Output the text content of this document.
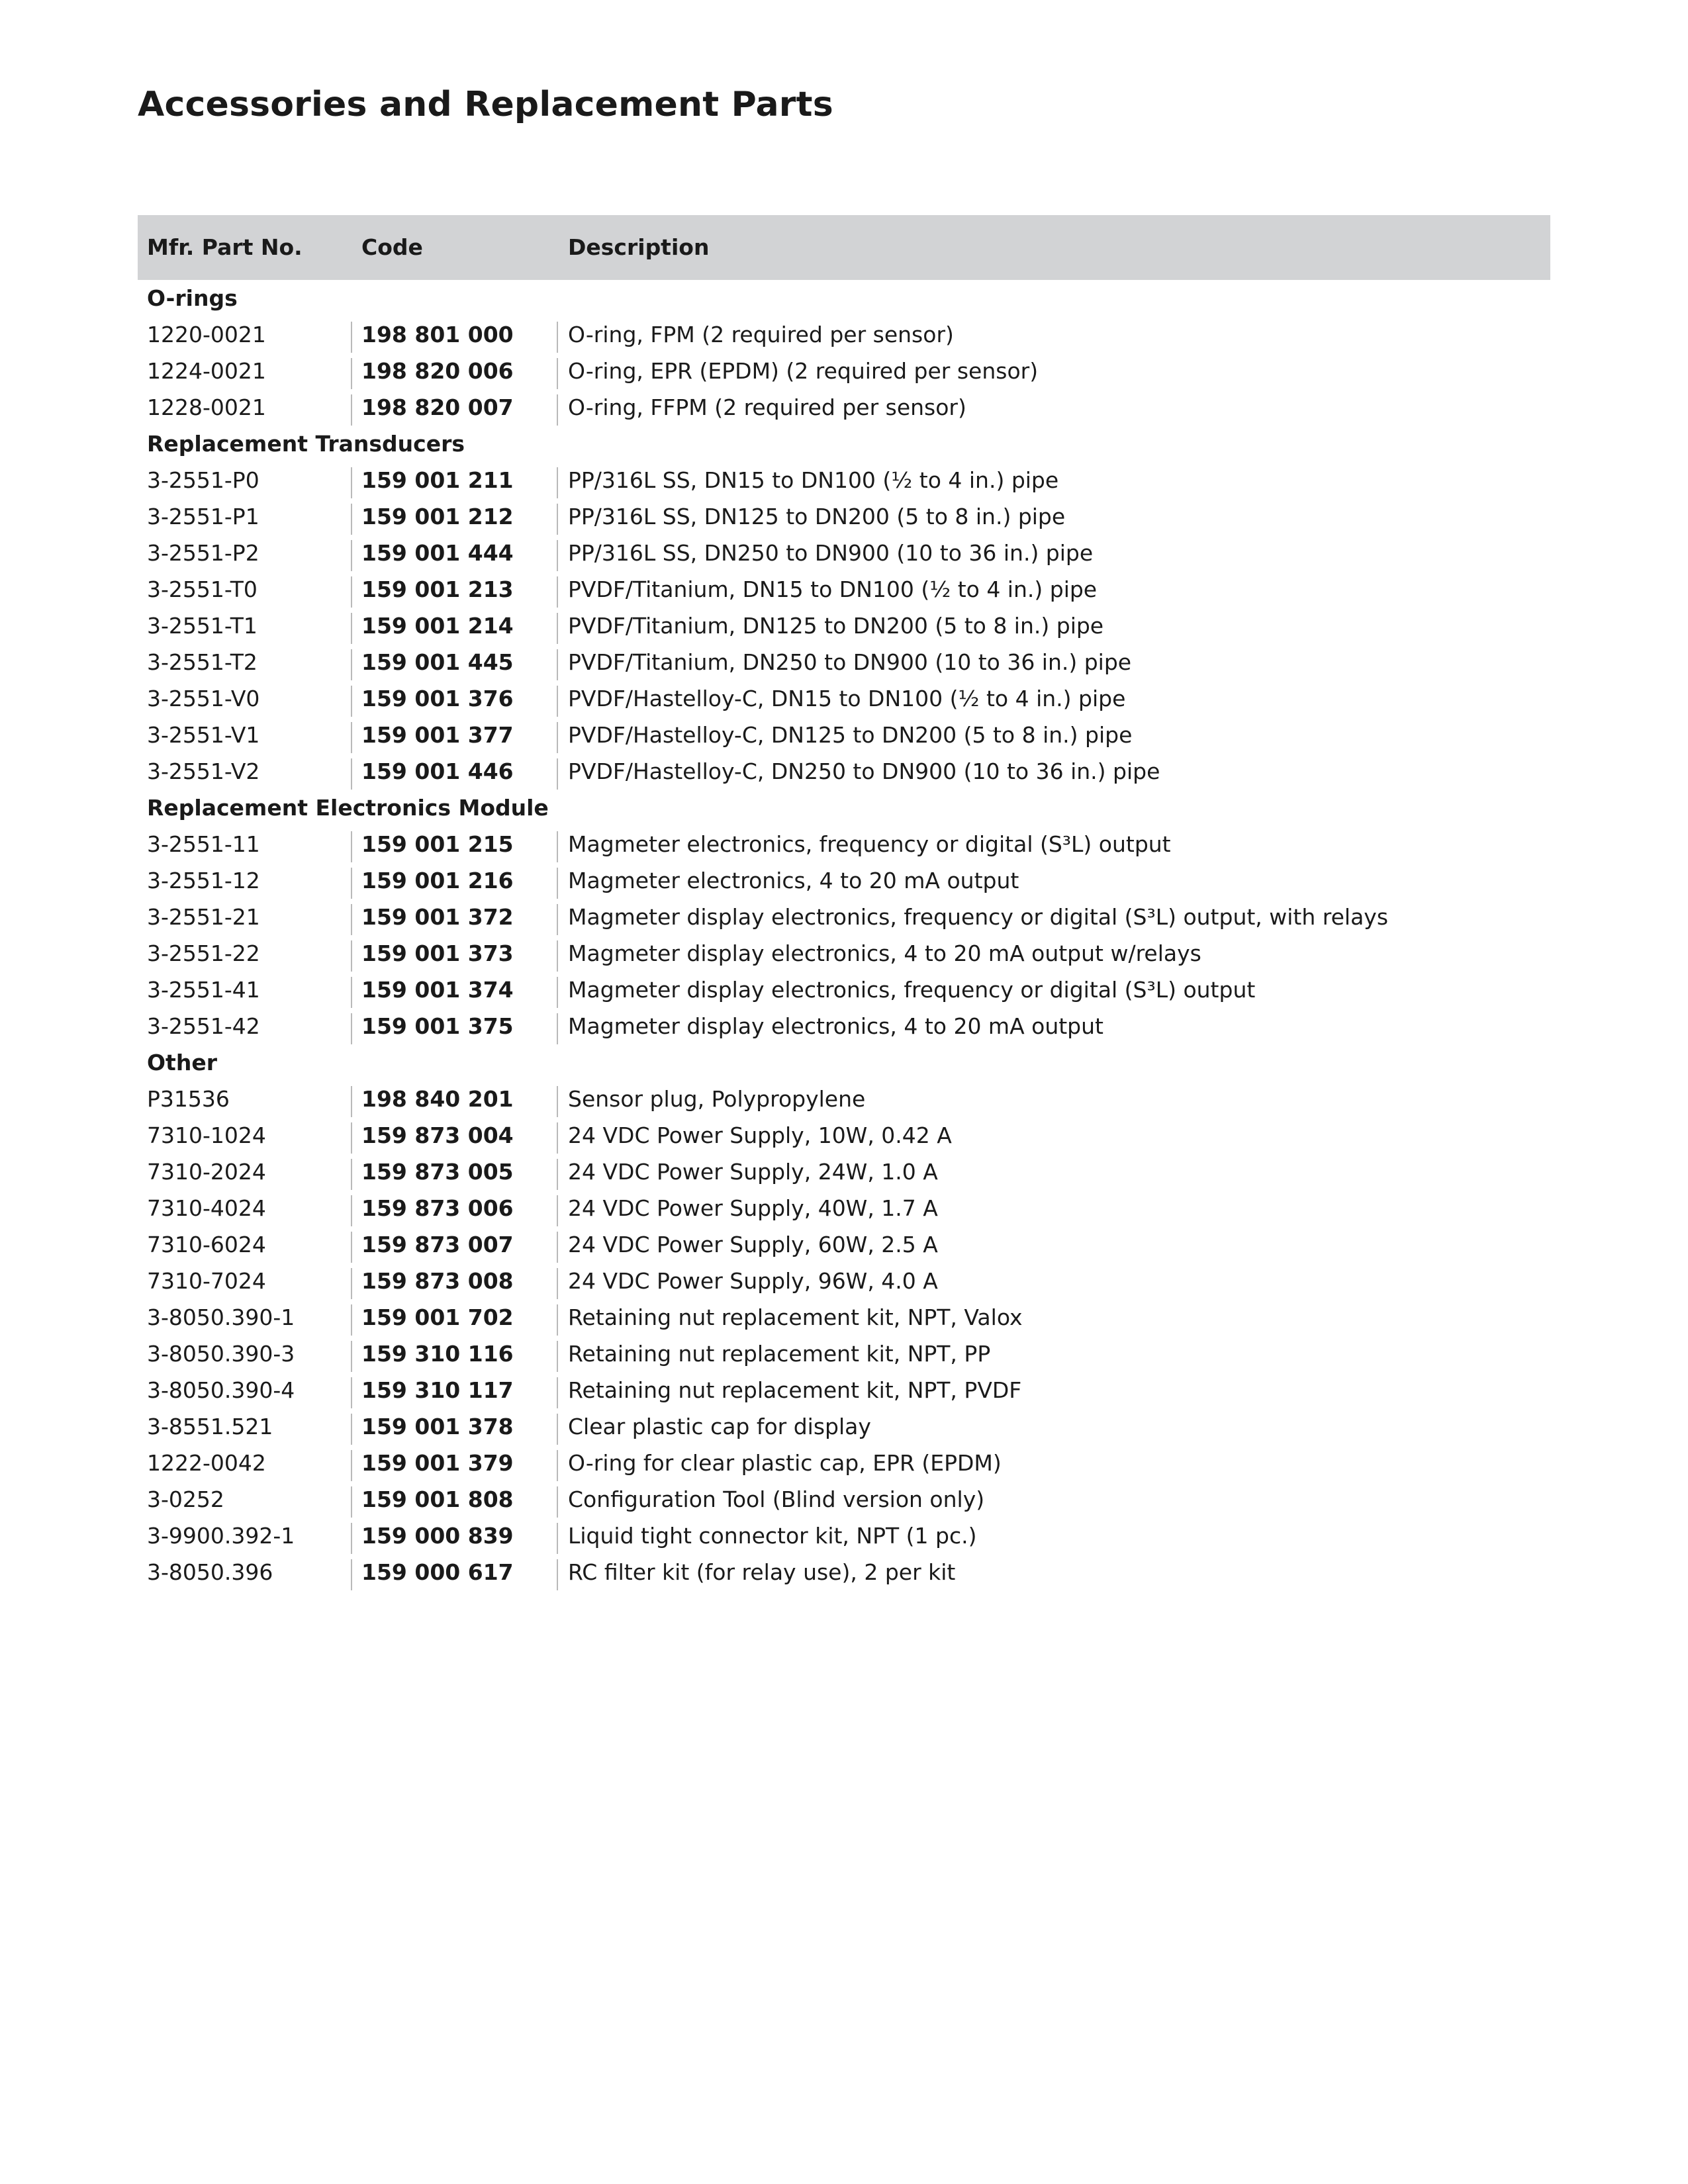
Accessories and Replacement Parts
Mfr. Part No.	Code	Description
O-rings
1220-0021	198 801 000 O-ring, FPM (2 required per sensor)
1224-0021	198 820 006 O-ring, EPR (EPDM) (2 required per sensor)
1228-0021	198 820 007 O-ring, FFPM (2 required per sensor)
Replacement Transducers
3-2551-P0	159 001 211 PP/316L SS, DN15 to DN100 (½ to 4 in.) pipe
3-2551-P1	159 001 212 PP/316L SS, DN125 to DN200 (5 to 8 in.) pipe
3-2551-P2	159 001 444 PP/316L SS, DN250 to DN900 (10 to 36 in.) pipe
3-2551-T0	159 001 213 PVDF/Titanium, DN15 to DN100 (½ to 4 in.) pipe
3-2551-T1	159 001 214 PVDF/Titanium, DN125 to DN200 (5 to 8 in.) pipe
3-2551-T2	159 001 445 PVDF/Titanium, DN250 to DN900 (10 to 36 in.) pipe
3-2551-V0	159 001 376 PVDF/Hastelloy-C, DN15 to DN100 (½ to 4 in.) pipe
3-2551-V1	159 001 377 PVDF/Hastelloy-C, DN125 to DN200 (5 to 8 in.) pipe
3-2551-V2	159 001 446 PVDF/Hastelloy-C, DN250 to DN900 (10 to 36 in.) pipe
Replacement Electronics Module
3-2551-11	159 001 215 Magmeter electronics, frequency or digital (S³L) output
3-2551-12	159 001 216 Magmeter electronics, 4 to 20 mA output
3-2551-21	159 001 372 Magmeter display electronics, frequency or digital (S³L) output, with relays
3-2551-22	159 001 373 Magmeter display electronics, 4 to 20 mA output w/relays
3-2551-41	159 001 374 Magmeter display electronics, frequency or digital (S³L) output
3-2551-42	159 001 375 Magmeter display electronics, 4 to 20 mA output
Other
P31536	198 840 201 Sensor plug, Polypropylene
7310-1024	159 873 004 24 VDC Power Supply, 10W, 0.42 A
7310-2024	159 873 005 24 VDC Power Supply, 24W, 1.0 A
7310-4024	159 873 006 24 VDC Power Supply, 40W, 1.7 A
7310-6024	159 873 007 24 VDC Power Supply, 60W, 2.5 A
7310-7024	159 873 008 24 VDC Power Supply, 96W, 4.0 A
3-8050.390-1	159 001 702 Retaining nut replacement kit, NPT, Valox
3-8050.390-3	159 310 116 Retaining nut replacement kit, NPT, PP
3-8050.390-4	159 310 117 Retaining nut replacement kit, NPT, PVDF
3-8551.521	159 001 378 Clear plastic cap for display
1222-0042	159 001 379 O-ring for clear plastic cap, EPR (EPDM)
3-0252	159 001 808 Configuration Tool (Blind version only)
3-9900.392-1	159 000 839 Liquid tight connector kit, NPT (1 pc.)
3-8050.396	159 000 617 RC filter kit (for relay use), 2 per kit
